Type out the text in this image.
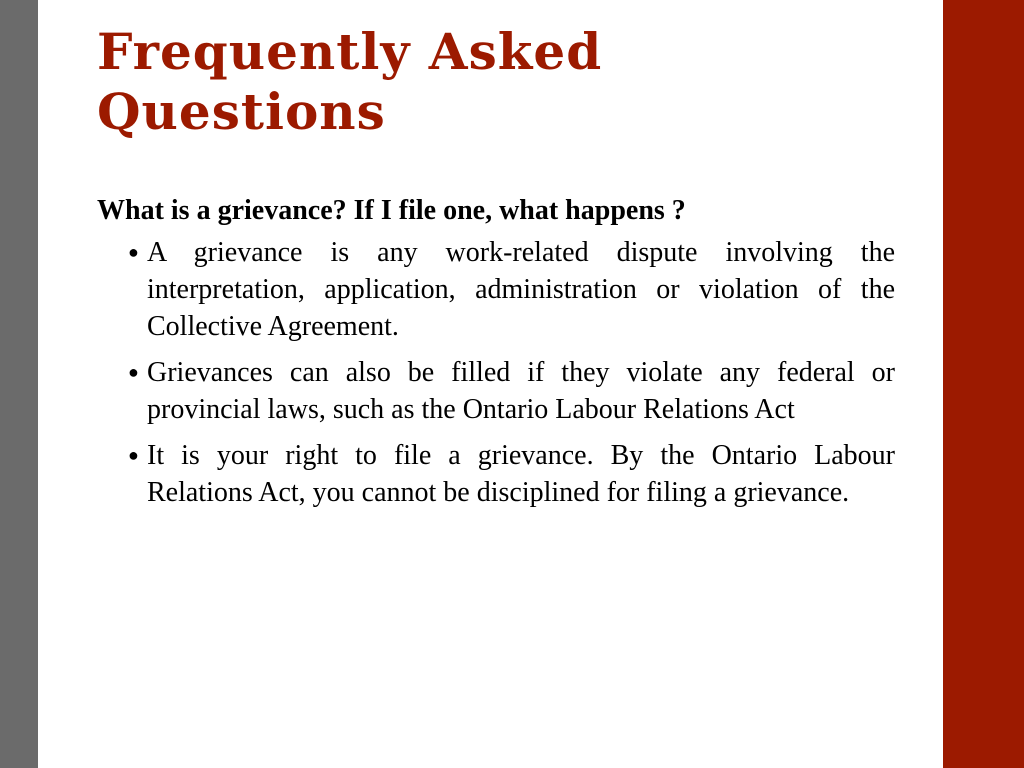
Frequently Asked Questions

What is a grievance? If I file one, what happens ?

● A grievance is any work-related dispute involving the interpretation, application, administration or violation of the Collective Agreement.
● Grievances can also be filled if they violate any federal or provincial laws, such as the Ontario Labour Relations Act
● It is your right to file a grievance. By the Ontario Labour Relations Act, you cannot be disciplined for filing a grievance.
